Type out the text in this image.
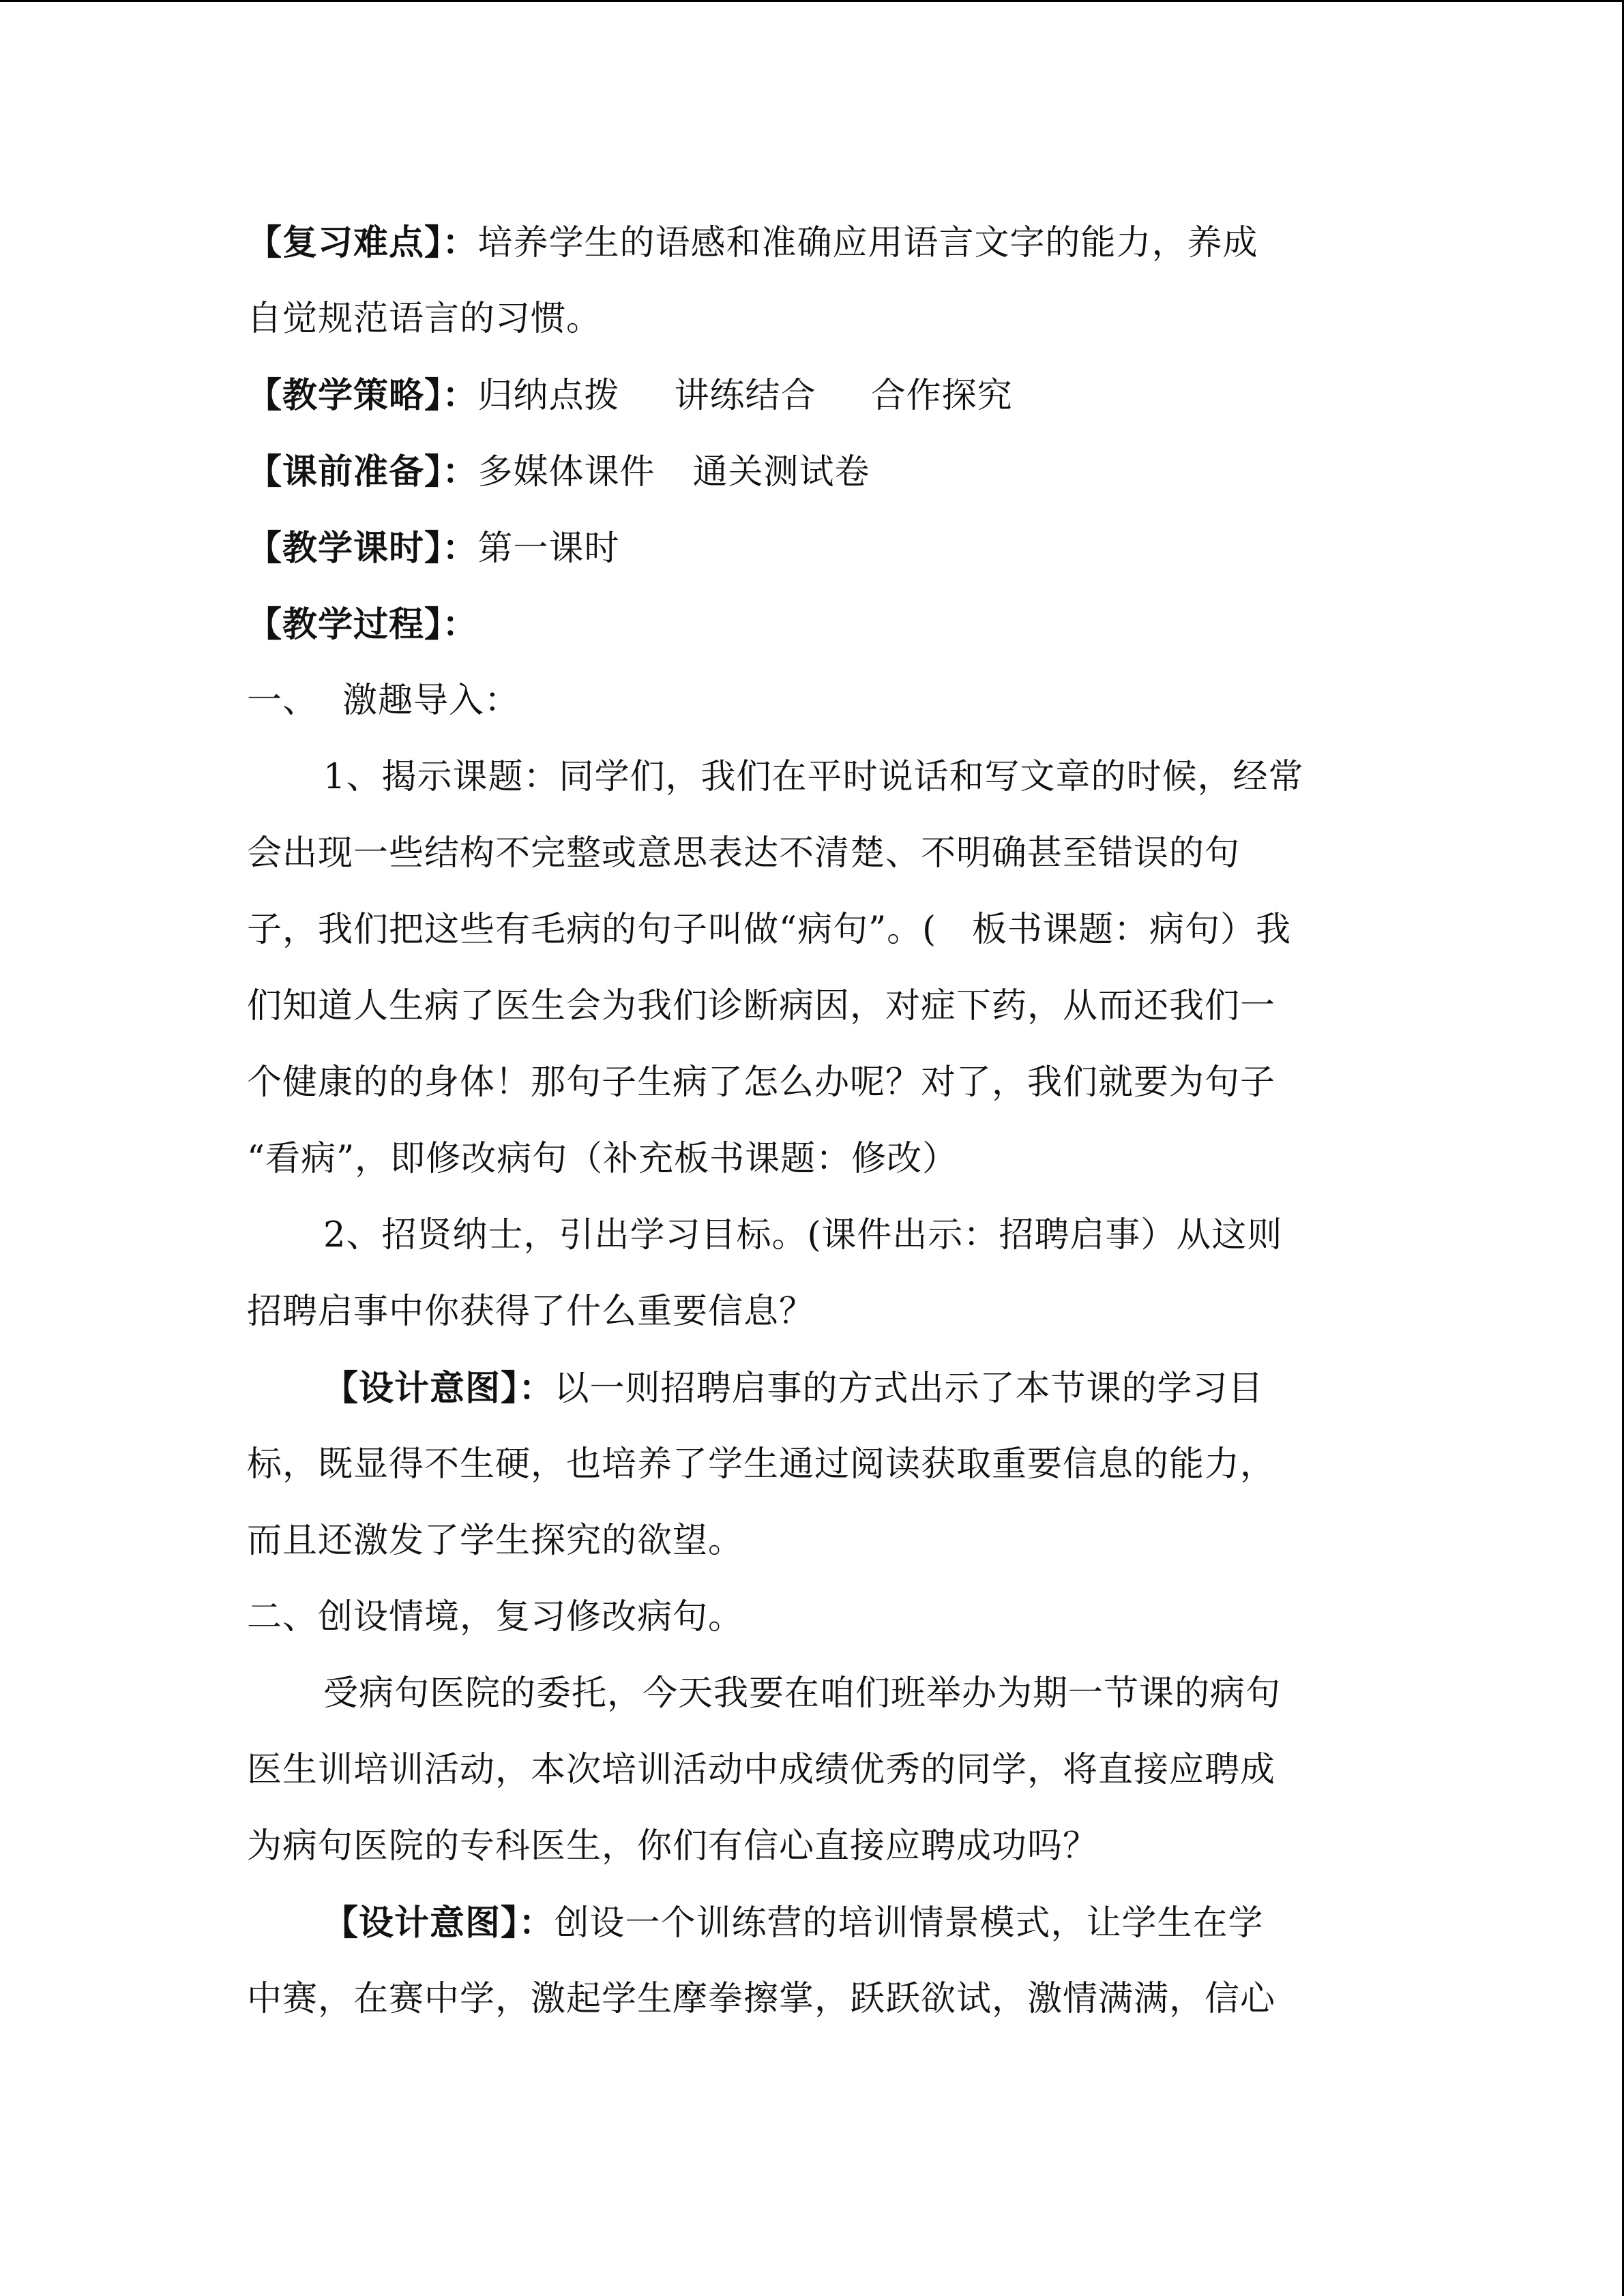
【复习难点】：培养学生的语感和准确应用语言文字的能力，养成
自觉规范语言的习惯。
【教学策略】：归纳点拨 讲练结合 合作探究
【课前准备】：多媒体课件 通关测试卷
【教学课时】：第一课时
【教学过程】：
一、 激趣导入：
1、揭示课题：同学们，我们在平时说话和写文章的时候，经常
会出现一些结构不完整或意思表达不清楚、不明确甚至错误的句
子，我们把这些有毛病的句子叫做“病句”。(　板书课题：病句）我
们知道人生病了医生会为我们诊断病因，对症下药，从而还我们一
个健康的的身体！那句子生病了怎么办呢？对了，我们就要为句子
“看病”，即修改病句（补充板书课题：修改）
2、招贤纳士，引出学习目标。(课件出示：招聘启事）从这则
招聘启事中你获得了什么重要信息？
【设计意图】：以一则招聘启事的方式出示了本节课的学习目
标，既显得不生硬，也培养了学生通过阅读获取重要信息的能力，
而且还激发了学生探究的欲望。
二、创设情境，复习修改病句。
受病句医院的委托，今天我要在咱们班举办为期一节课的病句
医生训培训活动，本次培训活动中成绩优秀的同学，将直接应聘成
为病句医院的专科医生，你们有信心直接应聘成功吗？
【设计意图】：创设一个训练营的培训情景模式，让学生在学
中赛，在赛中学，激起学生摩拳擦掌，跃跃欲试，激情满满，信心
